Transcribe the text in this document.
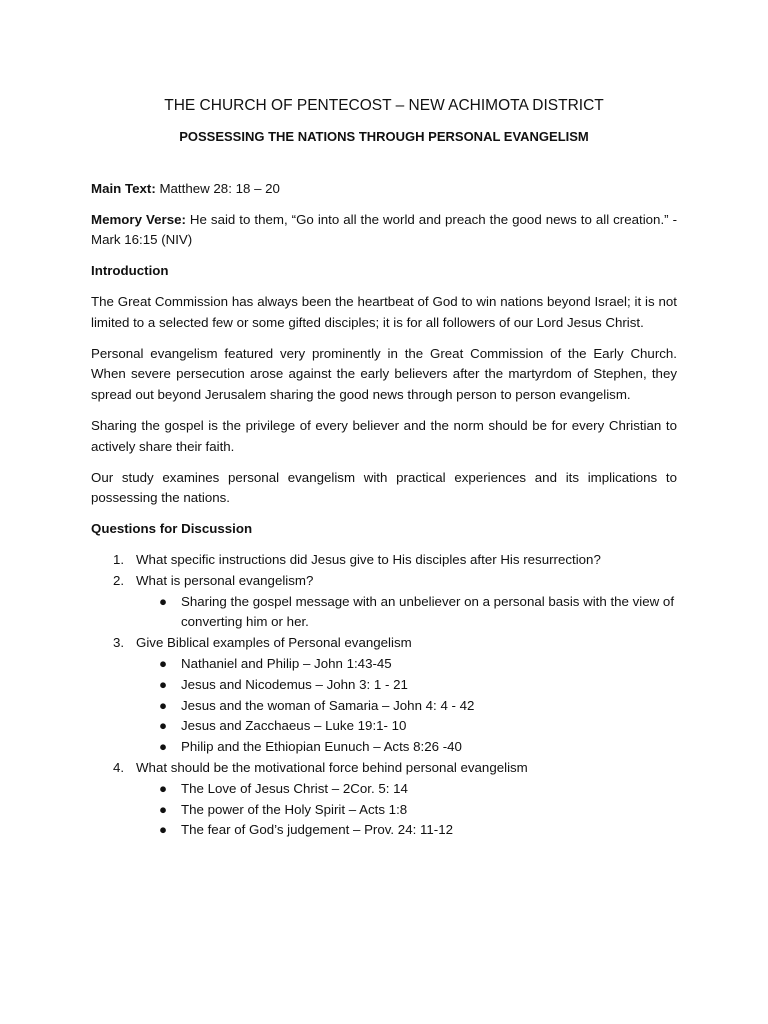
THE CHURCH OF PENTECOST – NEW ACHIMOTA DISTRICT
POSSESSING THE NATIONS THROUGH PERSONAL EVANGELISM
Main Text: Matthew 28: 18 – 20
Memory Verse: He said to them, “Go into all the world and preach the good news to all creation.” - Mark 16:15 (NIV)
Introduction
The Great Commission has always been the heartbeat of God to win nations beyond Israel; it is not limited to a selected few or some gifted disciples; it is for all followers of our Lord Jesus Christ.
Personal evangelism featured very prominently in the Great Commission of the Early Church. When severe persecution arose against the early believers after the martyrdom of Stephen, they spread out beyond Jerusalem sharing the good news through person to person evangelism.
Sharing the gospel is the privilege of every believer and the norm should be for every Christian to actively share their faith.
Our study examines personal evangelism with practical experiences and its implications to possessing the nations.
Questions for Discussion
1. What specific instructions did Jesus give to His disciples after His resurrection?
2. What is personal evangelism?
● Sharing the gospel message with an unbeliever on a personal basis with the view of converting him or her.
3. Give Biblical examples of Personal evangelism
● Nathaniel and Philip – John 1:43-45
● Jesus and Nicodemus – John 3: 1 - 21
● Jesus and the woman of Samaria – John 4: 4 - 42
● Jesus and Zacchaeus – Luke 19:1- 10
● Philip and the Ethiopian Eunuch – Acts 8:26 -40
4. What should be the motivational force behind personal evangelism
● The Love of Jesus Christ – 2Cor. 5: 14
● The power of the Holy Spirit – Acts 1:8
● The fear of God’s judgement – Prov. 24: 11-12
